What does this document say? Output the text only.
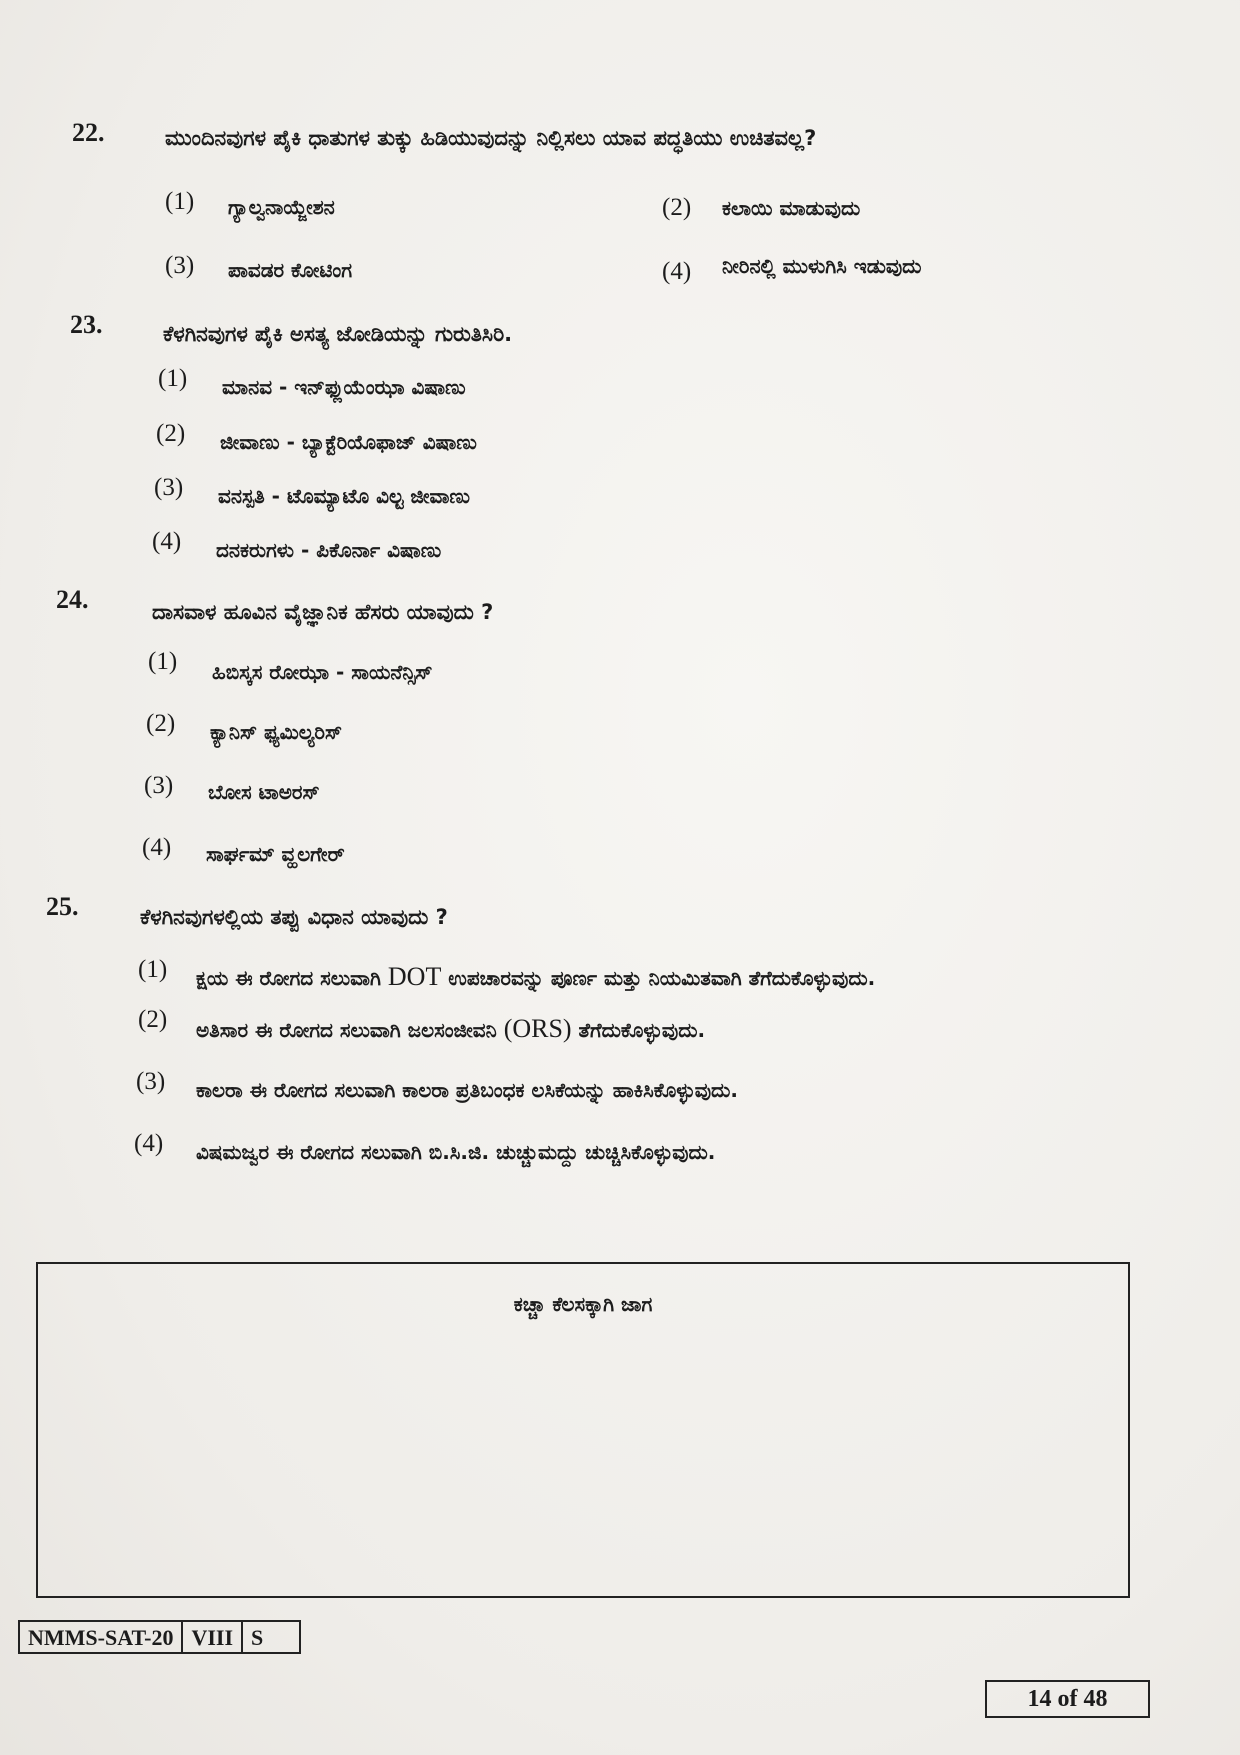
22.	ಮುಂದಿನವುಗಳ ಪೈಕಿ ಧಾತುಗಳ ತುಕ್ಕು ಹಿಡಿಯುವುದನ್ನು ನಿಲ್ಲಿಸಲು ಯಾವ ಪದ್ಧತಿಯು ಉಚಿತವಲ್ಲ?
(1) ಗ್ಯಾಲ್ವನಾಯ್ಜೇಶನ	(2) ಕಲಾಯಿ ಮಾಡುವುದು
(3) ಪಾವಡರ ಕೋಟಿಂಗ	(4) ನೀರಿನಲ್ಲಿ ಮುಳುಗಿಸಿ ಇಡುವುದು
23.	ಕೆಳಗಿನವುಗಳ ಪೈಕಿ ಅಸತ್ಯ ಜೋಡಿಯನ್ನು ಗುರುತಿಸಿರಿ.
(1) ಮಾನವ - ಇನ್‌ಫ್ಲುಯೆಂಝಾ ವಿಷಾಣು
(2) ಜೀವಾಣು - ಬ್ಯಾಕ್ಟೆರಿಯೊಫಾಜ್ ವಿಷಾಣು
(3) ವನಸ್ಪತಿ - ಟೊಮ್ಯಾಟೊ ವಿಲ್ಟ ಜೀವಾಣು
(4) ದನಕರುಗಳು - ಪಿಕೊರ್ನಾ ವಿಷಾಣು
24.	ದಾಸವಾಳ ಹೂವಿನ ವೈಜ್ಞಾನಿಕ ಹೆಸರು ಯಾವುದು ?
(1) ಹಿಬಿಸ್ಕಸ ರೋಝಾ - ಸಾಯನೆನ್ಸಿಸ್
(2) ಕ್ಯಾನಿಸ್ ಫ್ಯಮಿಲ್ಯರಿಸ್
(3) ಬೋಸ ಟಾಅರಸ್
(4) ಸಾರ್ಘಮ್ ವ್ಹಲಗೇರ್
25.	ಕೆಳಗಿನವುಗಳಲ್ಲಿಯ ತಪ್ಪು ವಿಧಾನ ಯಾವುದು ?
(1) ಕ್ಷಯ ಈ ರೋಗದ ಸಲುವಾಗಿ DOT ಉಪಚಾರವನ್ನು ಪೂರ್ಣ ಮತ್ತು ನಿಯಮಿತವಾಗಿ ತೆಗೆದುಕೊಳ್ಳುವುದು.
(2) ಅತಿಸಾರ ಈ ರೋಗದ ಸಲುವಾಗಿ ಜಲಸಂಜೀವನಿ (ORS) ತೆಗೆದುಕೊಳ್ಳುವುದು.
(3) ಕಾಲರಾ ಈ ರೋಗದ ಸಲುವಾಗಿ ಕಾಲರಾ ಪ್ರತಿಬಂಧಕ ಲಸಿಕೆಯನ್ನು ಹಾಕಿಸಿಕೊಳ್ಳುವುದು.
(4) ವಿಷಮಜ್ವರ ಈ ರೋಗದ ಸಲುವಾಗಿ ಬಿ.ಸಿ.ಜಿ. ಚುಚ್ಚುಮದ್ದು ಚುಚ್ಚಿಸಿಕೊಳ್ಳುವುದು.
ಕಚ್ಚಾ ಕೆಲಸಕ್ಕಾಗಿ ಜಾಗ
NMMS-SAT-20 VIII S
14 of 48
